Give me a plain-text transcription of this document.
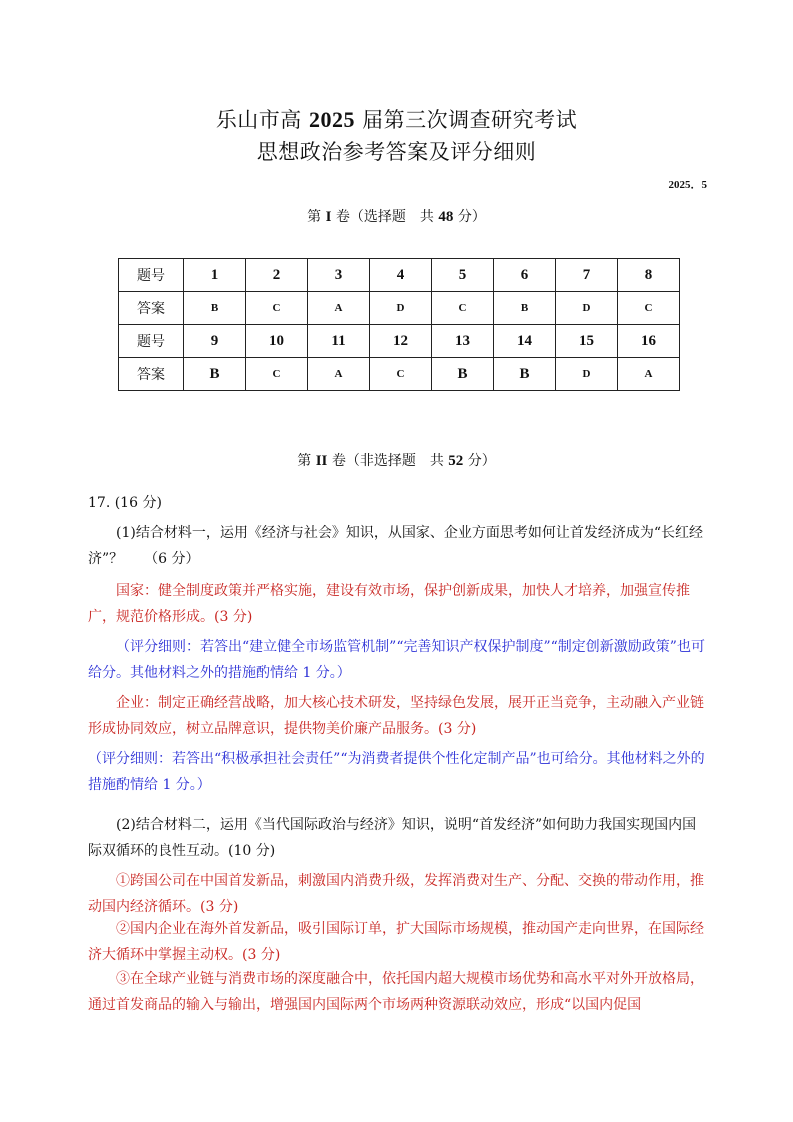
乐山市高 2025 届第三次调查研究考试
思想政治参考答案及评分细则
2025．5
第 I 卷（选择题　共 48 分）
题号	1	2	3	4	5	6	7	8
答案	B	C	A	D	C	B	D	C
题号	9	10	11	12	13	14	15	16
答案	B	C	A	C	B	B	D	A
第 II 卷（非选择题　共 52 分）
17. (16 分)
(1)结合材料一，运用《经济与社会》知识，从国家、企业方面思考如何让首发经济成为“长红经济”？　　（6 分）
国家：健全制度政策并严格实施，建设有效市场，保护创新成果，加快人才培养，加强宣传推广，规范价格形成。(3 分)
（评分细则：若答出“建立健全市场监管机制”“完善知识产权保护制度”“制定创新激励政策”也可给分。其他材料之外的措施酌情给 1 分。）
企业：制定正确经营战略，加大核心技术研发，坚持绿色发展，展开正当竞争，主动融入产业链形成协同效应，树立品牌意识，提供物美价廉产品服务。(3 分)
（评分细则：若答出“积极承担社会责任”“为消费者提供个性化定制产品”也可给分。其他材料之外的措施酌情给 1 分。）
(2)结合材料二，运用《当代国际政治与经济》知识，说明“首发经济”如何助力我国实现国内国际双循环的良性互动。(10 分)
①跨国公司在中国首发新品，刺激国内消费升级，发挥消费对生产、分配、交换的带动作用，推动国内经济循环。(3 分)
②国内企业在海外首发新品，吸引国际订单，扩大国际市场规模，推动国产走向世界，在国际经济大循环中掌握主动权。(3 分)
③在全球产业链与消费市场的深度融合中，依托国内超大规模市场优势和高水平对外开放格局，通过首发商品的输入与输出，增强国内国际两个市场两种资源联动效应，形成“以国内促国
